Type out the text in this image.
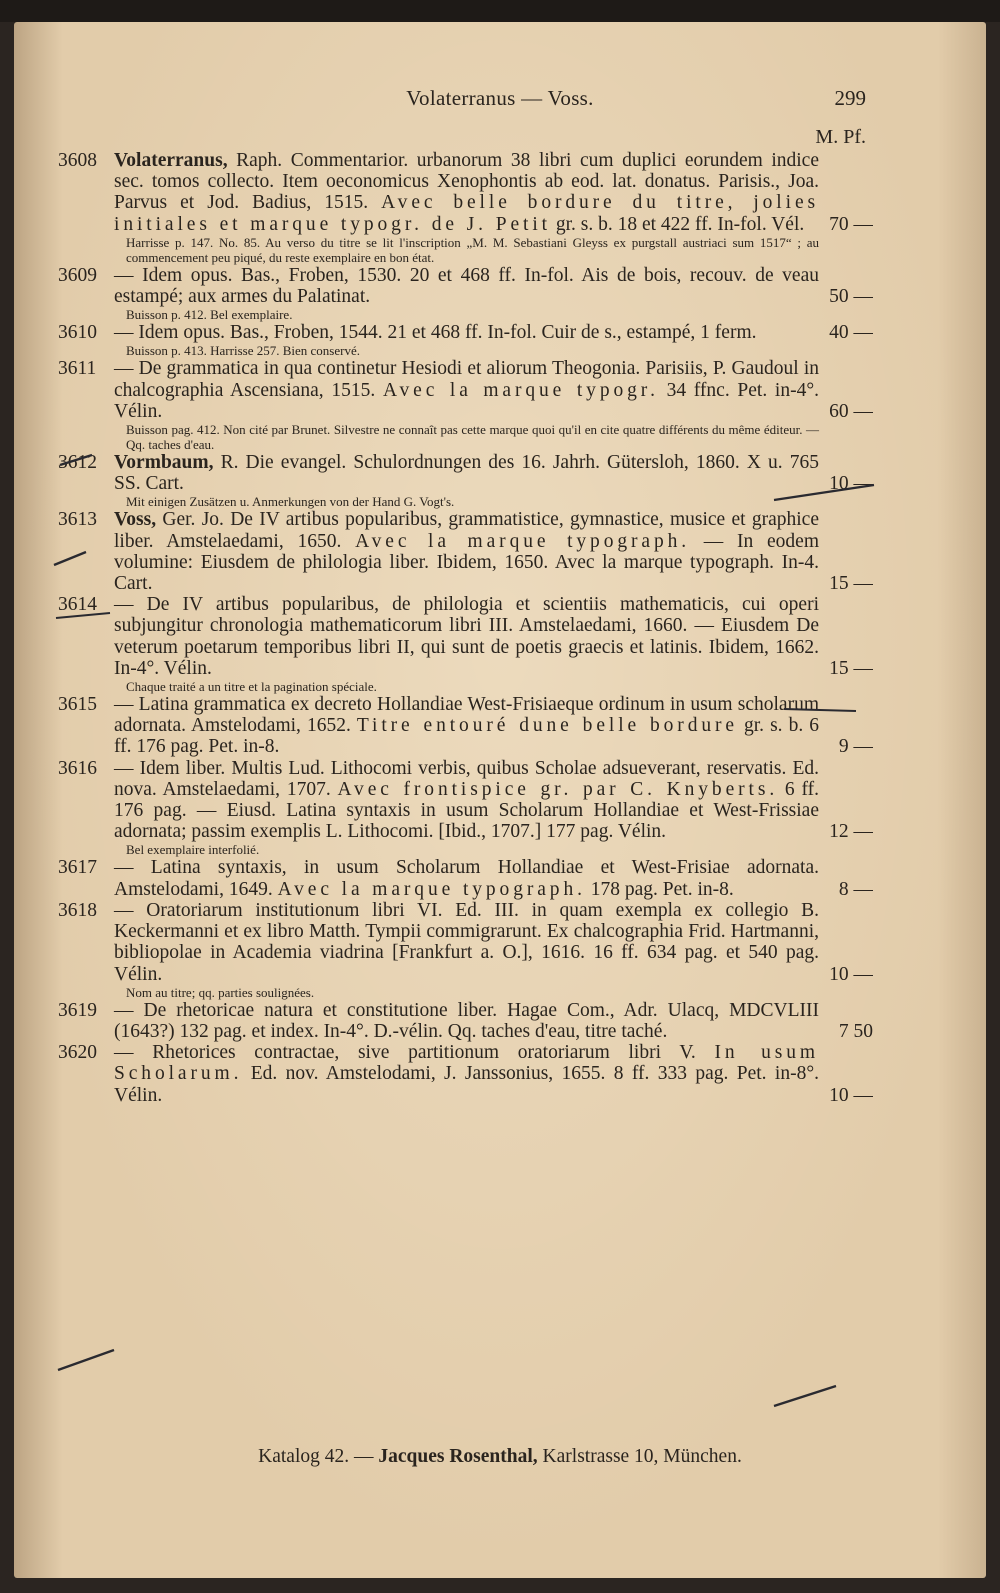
Volaterranus — Voss.	299
M. Pf.
3608 Volaterranus, Raph. Commentarior. urbanorum 38 libri cum duplici eorundem indice sec. tomos collecto. Item oeconomicus Xenophontis ab eod. lat. donatus. Parisis., Joa. Parvus et Jod. Badius, 1515. Avec belle bordure du titre, jolies initiales et marque typogr. de J. Petit gr. s. b. 18 et 422 ff. In-fol. Vél.	70 —
Harrisse p. 147. No. 85. Au verso du titre se lit l'inscription „M. M. Sebastiani Gleyss ex purgstall austriaci sum 1517“ ; au commencement peu piqué, du reste exemplaire en bon état.
3609 — Idem opus. Bas., Froben, 1530. 20 et 468 ff. In-fol. Ais de bois, recouv. de veau estampé; aux armes du Palatinat.	50 —
Buisson p. 412. Bel exemplaire.
3610 — Idem opus. Bas., Froben, 1544. 21 et 468 ff. In-fol. Cuir de s., estampé, 1 ferm.	40 —
Buisson p. 413. Harrisse 257. Bien conservé.
3611 — De grammatica in qua continetur Hesiodi et aliorum Theogonia. Parisiis, P. Gaudoul in chalcographia Ascensiana, 1515. Avec la marque typogr. 34 ffnc. Pet. in-4°. Vélin.	60 —
Buisson pag. 412. Non cité par Brunet. Silvestre ne connaît pas cette marque quoi qu'il en cite quatre différents du même éditeur. — Qq. taches d'eau.
3612 Vormbaum, R. Die evangel. Schulordnungen des 16. Jahrh. Gütersloh, 1860. X u. 765 SS. Cart.	10 —
Mit einigen Zusätzen u. Anmerkungen von der Hand G. Vogt's.
3613 Voss, Ger. Jo. De IV artibus popularibus, grammatistice, gymnastice, musice et graphice liber. Amstelaedami, 1650. Avec la marque typograph. — In eodem volumine: Eiusdem de philologia liber. Ibidem, 1650. Avec la marque typograph. In-4. Cart.	15 —
3614 — De IV artibus popularibus, de philologia et scientiis mathematicis, cui operi subjungitur chronologia mathematicorum libri III. Amstelaedami, 1660. — Eiusdem De veterum poetarum temporibus libri II, qui sunt de poetis graecis et latinis. Ibidem, 1662. In-4°. Vélin.	15 —
Chaque traité a un titre et la pagination spéciale.
3615 — Latina grammatica ex decreto Hollandiae West-Frisiaeque ordinum in usum scholarum adornata. Amstelodami, 1652. Titre entouré dune belle bordure gr. s. b. 6 ff. 176 pag. Pet. in-8.	9 —
3616 — Idem liber. Multis Lud. Lithocomi verbis, quibus Scholae adsueverant, reservatis. Ed. nova. Amstelaedami, 1707. Avec frontispice gr. par C. Knyberts. 6 ff. 176 pag. — Eiusd. Latina syntaxis in usum Scholarum Hollandiae et West-Frissiae adornata; passim exemplis L. Lithocomi. [Ibid., 1707.] 177 pag. Vélin.	12 —
Bel exemplaire interfolié.
3617 — Latina syntaxis, in usum Scholarum Hollandiae et West-Frisiae adornata. Amstelodami, 1649. Avec la marque typograph. 178 pag. Pet. in-8.	8 —
3618 — Oratoriarum institutionum libri VI. Ed. III. in quam exempla ex collegio B. Keckermanni et ex libro Matth. Tympii commigrarunt. Ex chalcographia Frid. Hartmanni, bibliopolae in Academia viadrina [Frankfurt a. O.], 1616. 16 ff. 634 pag. et 540 pag. Vélin.	10 —
Nom au titre; qq. parties soulignées.
3619 — De rhetoricae natura et constitutione liber. Hagae Com., Adr. Ulacq, MDCVLIII (1643?) 132 pag. et index. In-4°. D.-vélin. Qq. taches d'eau, titre taché.	7 50
3620 — Rhetorices contractae, sive partitionum oratoriarum libri V. In usum Scholarum. Ed. nov. Amstelodami, J. Janssonius, 1655. 8 ff. 333 pag. Pet. in-8°. Vélin.	10 —
Katalog 42. — Jacques Rosenthal, Karlstrasse 10, München.
